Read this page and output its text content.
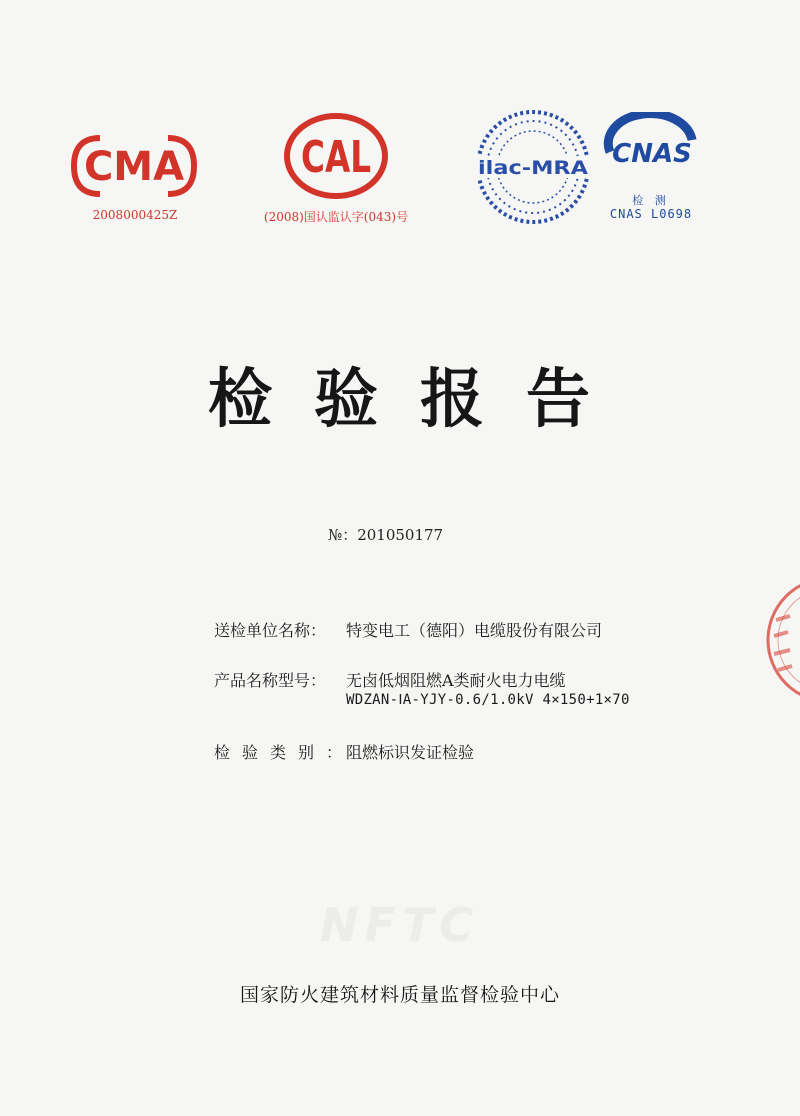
CMA
2008000425Z
CAL
(2008)国认监认字(043)号
ilac-MRA CNAS
检 测
CNAS L0698
检验报告
№：201050177
送检单位名称： 特变电工（德阳）电缆股份有限公司
产品名称型号： 无卤低烟阻燃A类耐火电力电缆
WDZAN-ⅠA-YJY-0.6/1.0kV 4×150+1×70
检验类别：阻燃标识发证检验
NFTC
国家防火建筑材料质量监督检验中心
